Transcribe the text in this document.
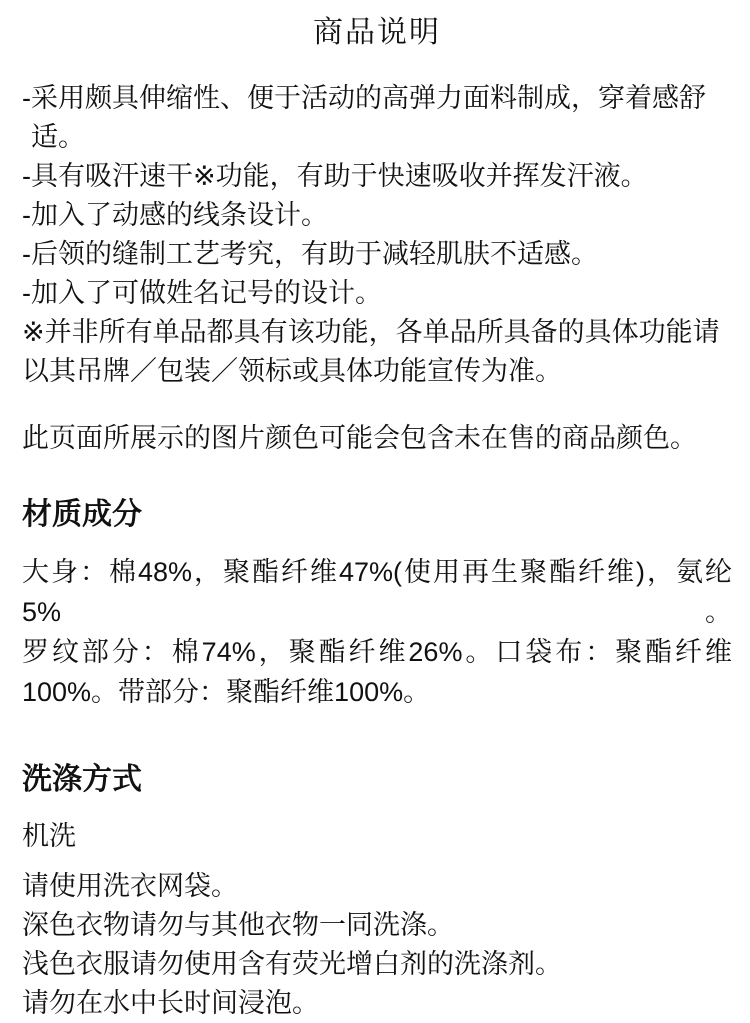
商品说明
-采用颇具伸缩性、便于活动的高弹力面料制成，穿着感舒适。
-具有吸汗速干※功能，有助于快速吸收并挥发汗液。
-加入了动感的线条设计。
-后领的缝制工艺考究，有助于减轻肌肤不适感。
-加入了可做姓名记号的设计。
※并非所有单品都具有该功能，各单品所具备的具体功能请以其吊牌／包装／领标或具体功能宣传为准。

此页面所展示的图片颜色可能会包含未在售的商品颜色。

材质成分
大身：棉48%，聚酯纤维47%(使用再生聚酯纤维)，氨纶5%。
罗纹部分：棉74%，聚酯纤维26%。口袋布：聚酯纤维
100%。带部分：聚酯纤维100%。
洗涤方式

机洗

请使用洗衣网袋。
深色衣物请勿与其他衣物一同洗涤。
浅色衣服请勿使用含有荧光增白剂的洗涤剂。
请勿在水中长时间浸泡。
